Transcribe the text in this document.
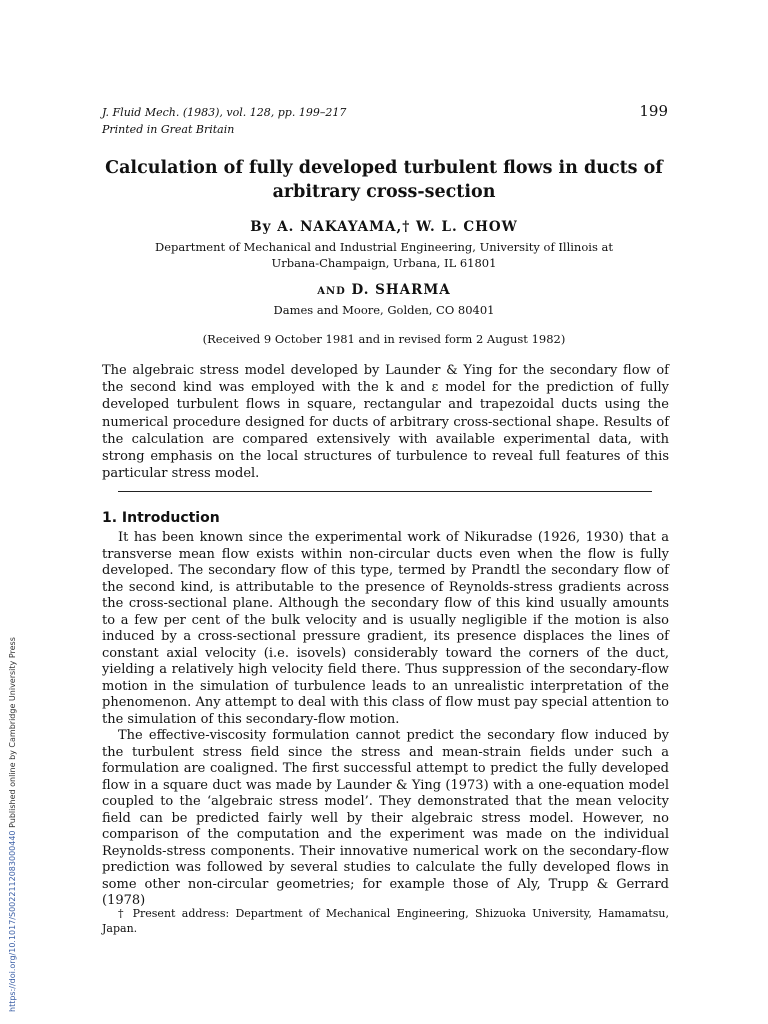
J. Fluid Mech. (1983), vol. 128, pp. 199–217
Printed in Great Britain
199
Calculation of fully developed turbulent flows in ducts of
arbitrary cross-section
By A. NAKAYAMA,† W. L. CHOW
Department of Mechanical and Industrial Engineering, University of Illinois at
Urbana-Champaign, Urbana, IL 61801
AND D. SHARMA
Dames and Moore, Golden, CO 80401
(Received 9 October 1981 and in revised form 2 August 1982)

The algebraic stress model developed by Launder & Ying for the secondary flow of the second kind was employed with the k and ε model for the prediction of fully developed turbulent flows in square, rectangular and trapezoidal ducts using the numerical procedure designed for ducts of arbitrary cross-sectional shape. Results of the calculation are compared extensively with available experimental data, with strong emphasis on the local structures of turbulence to reveal full features of this particular stress model.

1. Introduction

It has been known since the experimental work of Nikuradse (1926, 1930) that a transverse mean flow exists within non-circular ducts even when the flow is fully developed. The secondary flow of this type, termed by Prandtl the secondary flow of the second kind, is attributable to the presence of Reynolds-stress gradients across the cross-sectional plane. Although the secondary flow of this kind usually amounts to a few per cent of the bulk velocity and is usually negligible if the motion is also induced by a cross-sectional pressure gradient, its presence displaces the lines of constant axial velocity (i.e. isovels) considerably toward the corners of the duct, yielding a relatively high velocity field there. Thus suppression of the secondary-flow motion in the simulation of turbulence leads to an unrealistic interpretation of the phenomenon. Any attempt to deal with this class of flow must pay special attention to the simulation of this secondary-flow motion.

The effective-viscosity formulation cannot predict the secondary flow induced by the turbulent stress field since the stress and mean-strain fields under such a formulation are coaligned. The first successful attempt to predict the fully developed flow in a square duct was made by Launder & Ying (1973) with a one-equation model coupled to the ‘algebraic stress model’. They demonstrated that the mean velocity field can be predicted fairly well by their algebraic stress model. However, no comparison of the computation and the experiment was made on the individual Reynolds-stress components. Their innovative numerical work on the secondary-flow prediction was followed by several studies to calculate the fully developed flows in some other non-circular geometries; for example those of Aly, Trupp & Gerrard (1978)

† Present address: Department of Mechanical Engineering, Shizuoka University, Hamamatsu, Japan.

https://doi.org/10.1017/S0022112083000440 Published online by Cambridge University Press
